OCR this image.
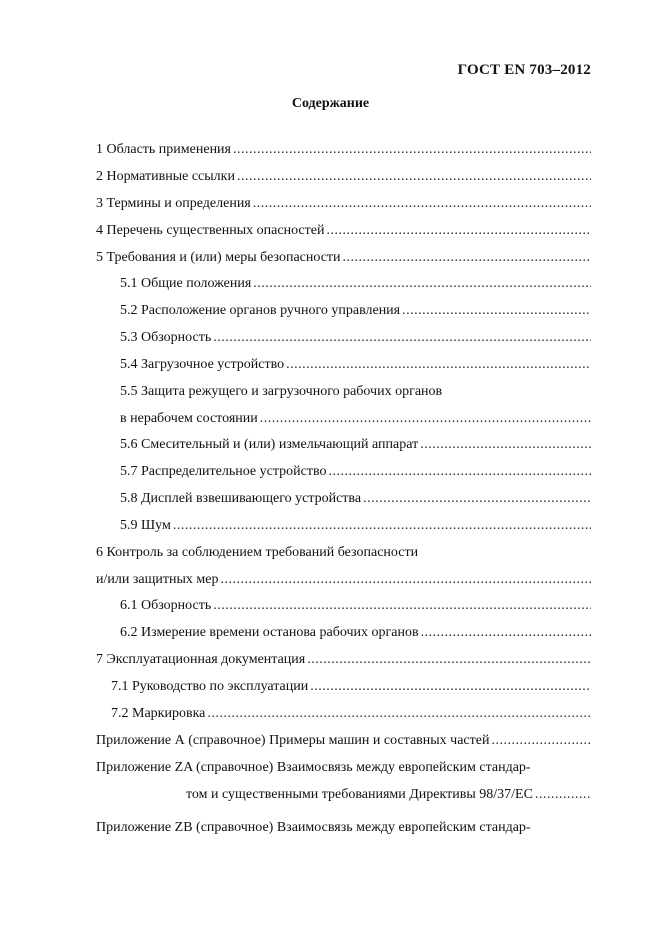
ГОСТ EN 703–2012
Содержание
1 Область применения
.....
2 Нормативные ссылки
.....
3 Термины и определения
.....
4 Перечень существенных опасностей
.....
5 Требования и (или) меры безопасности
.....
5.1 Общие положения
.....
5.2 Расположение органов ручного управления
.....
5.3 Обзорность
.....
5.4 Загрузочное устройство
.....
5.5 Защита режущего и загрузочного рабочих органов
в нерабочем состоянии
.....
5.6 Смесительный и (или) измельчающий аппарат
.....
5.7 Распределительное устройство
.....
5.8 Дисплей взвешивающего устройства
.....
5.9 Шум
.....
6 Контроль за соблюдением требований безопасности
и/или защитных мер
.....
6.1 Обзорность
.....
6.2 Измерение времени останова рабочих органов
.....
7 Эксплуатационная документация
.....
7.1 Руководство по эксплуатации
.....
7.2 Маркировка
.....
Приложение А (справочное) Примеры машин и составных частей
.....
Приложение ZA (справочное) Взаимосвязь между европейским стандар-
том и существенными требованиями Директивы 98/37/ЕС
.....
Приложение ZB (справочное) Взаимосвязь между европейским стандар-
